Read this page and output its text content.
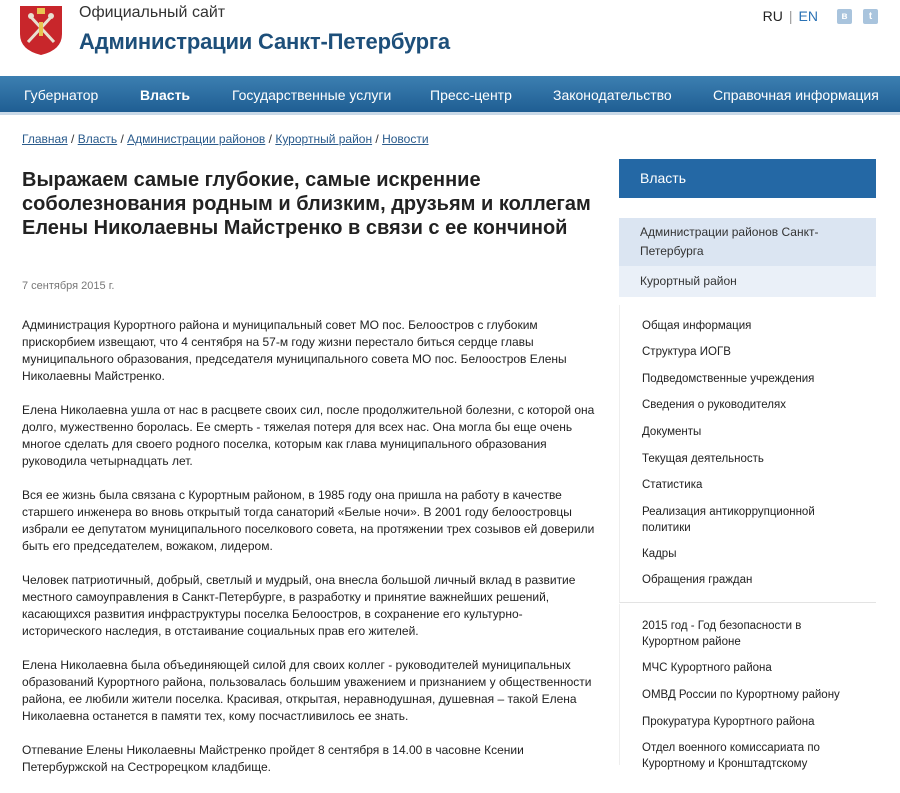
Официальный сайт
Администрации Санкт-Петербурга
RU | EN	в	t
Губернатор	Власть	Государственные услуги	Пресс-центр	Законодательство	Справочная информация
Главная / Власть / Администрации районов / Курортный район / Новости
Выражаем самые глубокие, самые искренние соболезнования родным и близким, друзьям и коллегам Елены Николаевны Майстренко в связи с ее кончиной
7 сентября 2015 г.

Администрация Курортного района и муниципальный совет МО пос. Белоостров с глубоким прискорбием извещают, что 4 сентября на 57-м году жизни перестало биться сердце главы муниципального образования, председателя муниципального совета МО пос. Белоостров Елены Николаевны Майстренко.

Елена Николаевна ушла от нас в расцвете своих сил, после продолжительной болезни, с которой она долго, мужественно боролась. Ее смерть - тяжелая потеря для всех нас. Она могла бы еще очень многое сделать для своего родного поселка, которым как глава муниципального образования руководила четырнадцать лет.

Вся ее жизнь была связана с Курортным районом, в 1985 году она пришла на работу в качестве старшего инженера во вновь открытый тогда санаторий «Белые ночи». В 2001 году белоостровцы избрали ее депутатом муниципального поселкового совета, на протяжении трех созывов ей доверили быть его председателем, вожаком, лидером.

Человек патриотичный, добрый, светлый и мудрый, она внесла большой личный вклад в развитие местного самоуправления в Санкт-Петербурге, в разработку и принятие важнейших решений, касающихся развития инфраструктуры поселка Белоостров, в сохранение его культурно-исторического наследия, в отстаивание социальных прав его жителей.

Елена Николаевна была объединяющей силой для своих коллег - руководителей муниципальных образований Курортного района, пользовалась большим уважением и признанием у общественности района, ее любили жители поселка. Красивая, открытая, неравнодушная, душевная – такой Елена Николаевна останется в памяти тех, кому посчастливилось ее знать.

Отпевание Елены Николаевны Майстренко пройдет 8 сентября в 14.00 в часовне Ксении Петербуржской на Сестрорецком кладбище.

Власть
Администрации районов Санкт-Петербурга
Курортный район
Общая информация
Структура ИОГВ
Подведомственные учреждения
Сведения о руководителях
Документы
Текущая деятельность
Статистика
Реализация антикоррупционной политики
Кадры
Обращения граждан
2015 год - Год безопасности в Курортном районе
МЧС Курортного района
ОМВД России по Курортному району
Прокуратура Курортного района
Отдел военного комиссариата по Курортному и Кронштадтскому
